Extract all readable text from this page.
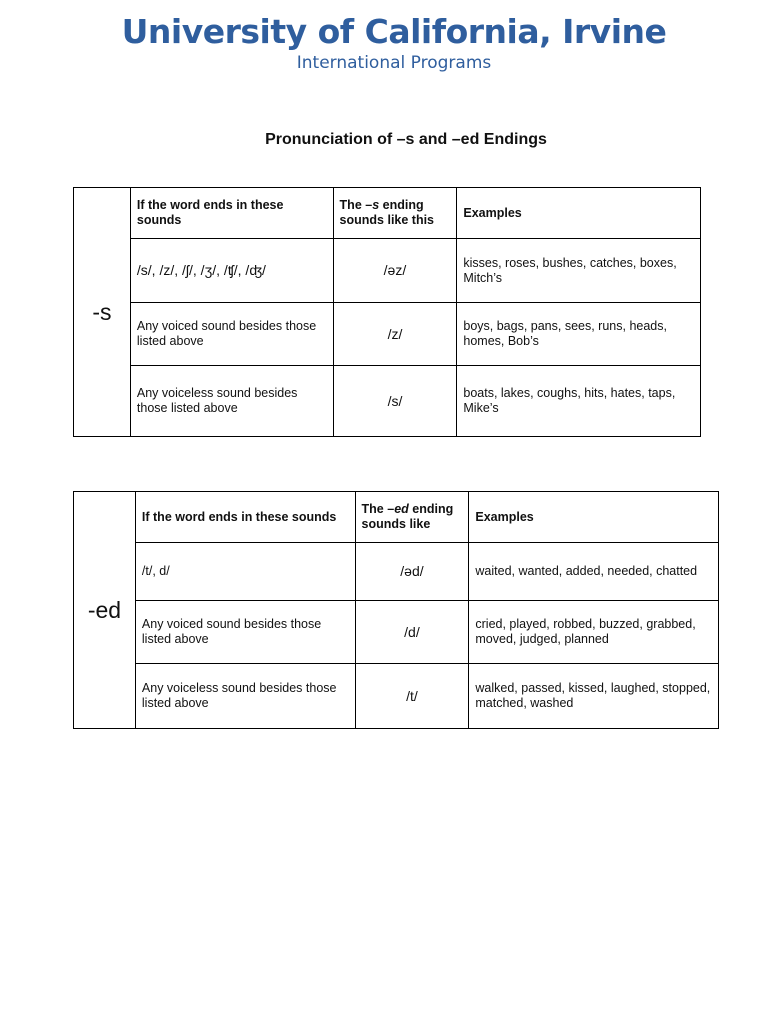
University of California, Irvine
International Programs
Pronunciation of –s and –ed Endings
-s	If the word ends in these sounds	The –s ending sounds like this	Examples
	/s/, /z/, /ʃ/, /ʒ/, /ʧ/, /ʤ/	/əz/	kisses, roses, bushes, catches, boxes, Mitch’s
	Any voiced sound besides those listed above	/z/	boys, bags, pans, sees, runs, heads, homes, Bob’s
	Any voiceless sound besides those listed above	/s/	boats, lakes, coughs, hits, hates, taps, Mike’s
-ed	If the word ends in these sounds	The –ed ending sounds like	Examples
	/t/, d/	/əd/	waited, wanted, added, needed, chatted
	Any voiced sound besides those listed above	/d/	cried, played, robbed, buzzed, grabbed, moved, judged, planned
	Any voiceless sound besides those listed above	/t/	walked, passed, kissed, laughed, stopped, matched, washed
